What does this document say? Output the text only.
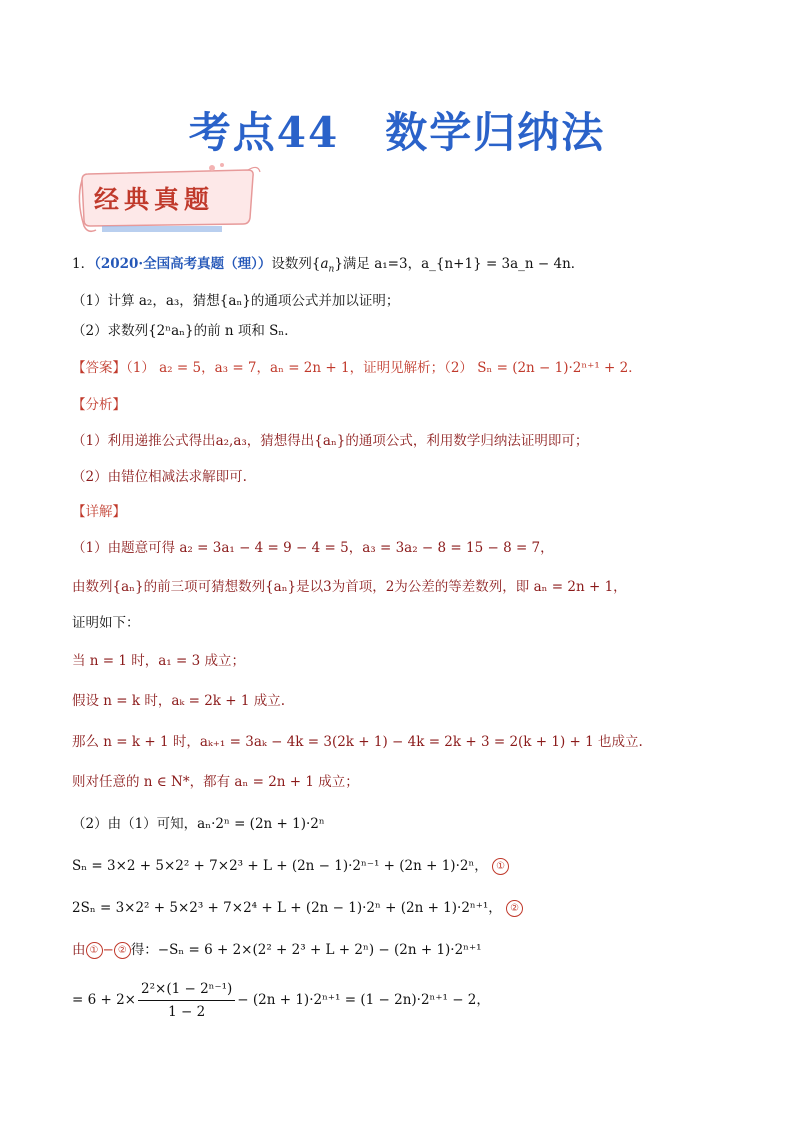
考点44 数学归纳法
经典真题
1．（2020·全国高考真题（理））设数列$\{a_n\}$满足 a₁=3，a_{n+1} = 3a_n − 4n．
（1）计算 a₂，a₃，猜想{aₙ}的通项公式并加以证明；
（2）求数列{2ⁿaₙ}的前 n 项和 Sₙ．
【答案】（1） a₂ = 5，a₃ = 7，aₙ = 2n + 1，证明见解析；（2） Sₙ = (2n − 1)·2ⁿ⁺¹ + 2．
【分析】
（1）利用递推公式得出a₂,a₃，猜想得出{aₙ}的通项公式，利用数学归纳法证明即可；
（2）由错位相减法求解即可.
【详解】
（1）由题意可得 a₂ = 3a₁ − 4 = 9 − 4 = 5，a₃ = 3a₂ − 8 = 15 − 8 = 7，
由数列{aₙ}的前三项可猜想数列{aₙ}是以3为首项，2为公差的等差数列，即 aₙ = 2n + 1，
证明如下：
当 n = 1 时，a₁ = 3 成立；
假设 n = k 时，aₖ = 2k + 1 成立.
那么 n = k + 1 时，aₖ₊₁ = 3aₖ − 4k = 3(2k + 1) − 4k = 2k + 3 = 2(k + 1) + 1 也成立.
则对任意的 n ∈ N*，都有 aₙ = 2n + 1 成立；
（2）由（1）可知，aₙ·2ⁿ = (2n + 1)·2ⁿ
Sₙ = 3×2 + 5×2² + 7×2³ + L + (2n − 1)·2ⁿ⁻¹ + (2n + 1)·2ⁿ， ①
2Sₙ = 3×2² + 5×2³ + 7×2⁴ + L + (2n − 1)·2ⁿ + (2n + 1)·2ⁿ⁺¹， ②
由 ① − ② 得：−Sₙ = 6 + 2×(2² + 2³ + L + 2ⁿ) − (2n + 1)·2ⁿ⁺¹
= $6 + 2\times \frac{\text{2²×(1 − 2ⁿ⁻¹)}}{1 - 2} - (2n + 1)\cdot 2^{n+1} = (1 - 2n)\cdot 2^{n+1} - 2$，
